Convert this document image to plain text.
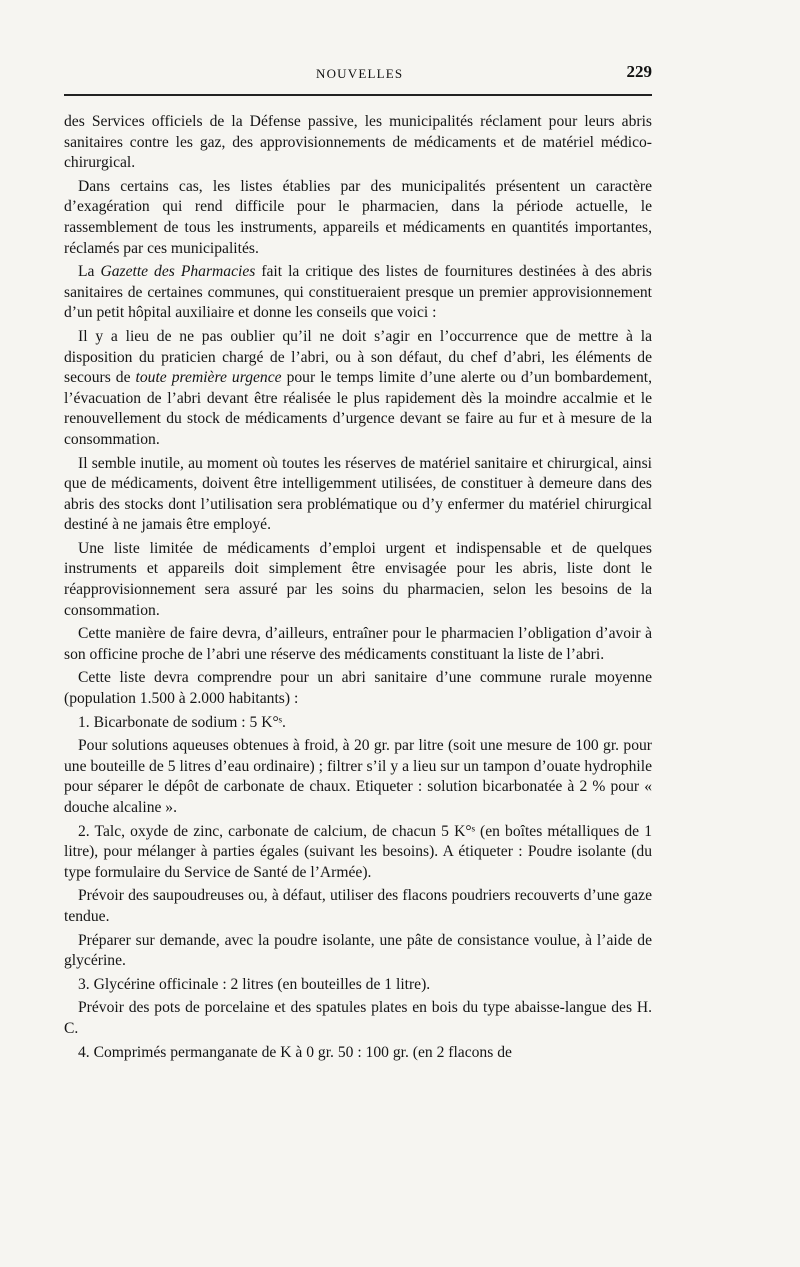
NOUVELLES	229

des Services officiels de la Défense passive, les municipalités réclament pour leurs abris sanitaires contre les gaz, des approvisionnements de médicaments et de matériel médico-chirurgical.

Dans certains cas, les listes établies par des municipalités présentent un caractère d’exagération qui rend difficile pour le pharmacien, dans la période actuelle, le rassemblement de tous les instruments, appareils et médicaments en quantités importantes, réclamés par ces municipalités.

La Gazette des Pharmacies fait la critique des listes de fournitures destinées à des abris sanitaires de certaines communes, qui constitueraient presque un premier approvisionnement d’un petit hôpital auxiliaire et donne les conseils que voici :

Il y a lieu de ne pas oublier qu’il ne doit s’agir en l’occurrence que de mettre à la disposition du praticien chargé de l’abri, ou à son défaut, du chef d’abri, les éléments de secours de toute première urgence pour le temps limite d’une alerte ou d’un bombardement, l’évacuation de l’abri devant être réalisée le plus rapidement dès la moindre accalmie et le renouvellement du stock de médicaments d’urgence devant se faire au fur et à mesure de la consommation.

Il semble inutile, au moment où toutes les réserves de matériel sanitaire et chirurgical, ainsi que de médicaments, doivent être intelligemment utilisées, de constituer à demeure dans des abris des stocks dont l’utilisation sera problématique ou d’y enfermer du matériel chirurgical destiné à ne jamais être employé.

Une liste limitée de médicaments d’emploi urgent et indispensable et de quelques instruments et appareils doit simplement être envisagée pour les abris, liste dont le réapprovisionnement sera assuré par les soins du pharmacien, selon les besoins de la consommation.

Cette manière de faire devra, d’ailleurs, entraîner pour le pharmacien l’obligation d’avoir à son officine proche de l’abri une réserve des médicaments constituant la liste de l’abri.

Cette liste devra comprendre pour un abri sanitaire d’une commune rurale moyenne (population 1.500 à 2.000 habitants) :

1. Bicarbonate de sodium : 5 K°ˢ.

Pour solutions aqueuses obtenues à froid, à 20 gr. par litre (soit une mesure de 100 gr. pour une bouteille de 5 litres d’eau ordinaire) ; filtrer s’il y a lieu sur un tampon d’ouate hydrophile pour séparer le dépôt de carbonate de chaux. Etiqueter : solution bicarbonatée à 2 % pour « douche alcaline ».

2. Talc, oxyde de zinc, carbonate de calcium, de chacun 5 K°ˢ (en boîtes métalliques de 1 litre), pour mélanger à parties égales (suivant les besoins). A étiqueter : Poudre isolante (du type formulaire du Service de Santé de l’Armée).

Prévoir des saupoudreuses ou, à défaut, utiliser des flacons poudriers recouverts d’une gaze tendue.

Préparer sur demande, avec la poudre isolante, une pâte de consistance voulue, à l’aide de glycérine.

3. Glycérine officinale : 2 litres (en bouteilles de 1 litre).

Prévoir des pots de porcelaine et des spatules plates en bois du type abaisse-langue des H. C.

4. Comprimés permanganate de K à 0 gr. 50 : 100 gr. (en 2 flacons de
